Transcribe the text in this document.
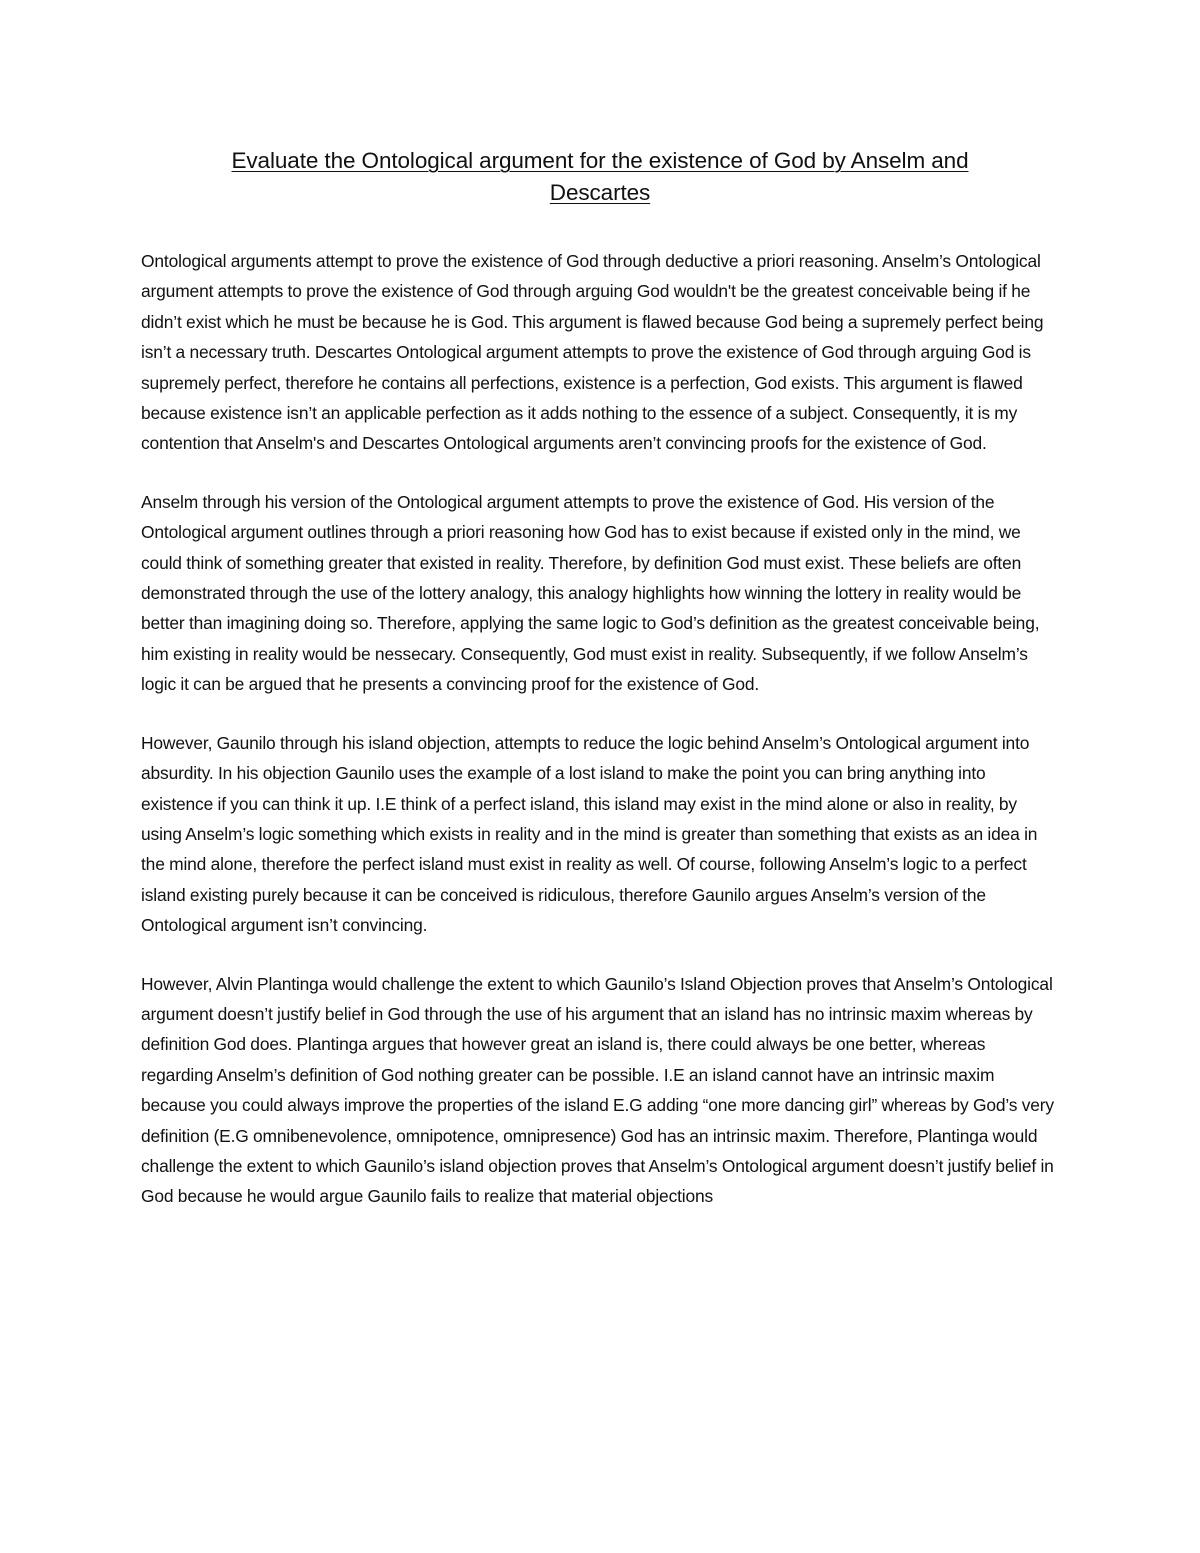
Evaluate the Ontological argument for the existence of God by Anselm and
Descartes

Ontological arguments attempt to prove the existence of God through deductive a priori reasoning. Anselm’s Ontological argument attempts to prove the existence of God through arguing God wouldn't be the greatest conceivable being if he didn’t exist which he must be because he is God. This argument is flawed because God being a supremely perfect being isn’t a necessary truth. Descartes Ontological argument attempts to prove the existence of God through arguing God is supremely perfect, therefore he contains all perfections, existence is a perfection, God exists. This argument is flawed because existence isn’t an applicable perfection as it adds nothing to the essence of a subject. Consequently, it is my contention that Anselm's and Descartes Ontological arguments aren’t convincing proofs for the existence of God.

Anselm through his version of the Ontological argument attempts to prove the existence of God. His version of the Ontological argument outlines through a priori reasoning how God has to exist because if existed only in the mind, we could think of something greater that existed in reality. Therefore, by definition God must exist. These beliefs are often demonstrated through the use of the lottery analogy, this analogy highlights how winning the lottery in reality would be better than imagining doing so. Therefore, applying the same logic to God’s definition as the greatest conceivable being, him existing in reality would be nessecary. Consequently, God must exist in reality. Subsequently, if we follow Anselm’s logic it can be argued that he presents a convincing proof for the existence of God.

However, Gaunilo through his island objection, attempts to reduce the logic behind Anselm’s Ontological argument into absurdity. In his objection Gaunilo uses the example of a lost island to make the point you can bring anything into existence if you can think it up. I.E think of a perfect island, this island may exist in the mind alone or also in reality, by using Anselm’s logic something which exists in reality and in the mind is greater than something that exists as an idea in the mind alone, therefore the perfect island must exist in reality as well. Of course, following Anselm’s logic to a perfect island existing purely because it can be conceived is ridiculous, therefore Gaunilo argues Anselm’s version of the Ontological argument isn’t convincing.

However, Alvin Plantinga would challenge the extent to which Gaunilo’s Island Objection proves that Anselm’s Ontological argument doesn’t justify belief in God through the use of his argument that an island has no intrinsic maxim whereas by definition God does. Plantinga argues that however great an island is, there could always be one better, whereas regarding Anselm’s definition of God nothing greater can be possible. I.E an island cannot have an intrinsic maxim because you could always improve the properties of the island E.G adding “one more dancing girl” whereas by God’s very definition (E.G omnibenevolence, omnipotence, omnipresence) God has an intrinsic maxim. Therefore, Plantinga would challenge the extent to which Gaunilo’s island objection proves that Anselm’s Ontological argument doesn’t justify belief in God because he would argue Gaunilo fails to realize that material objections
